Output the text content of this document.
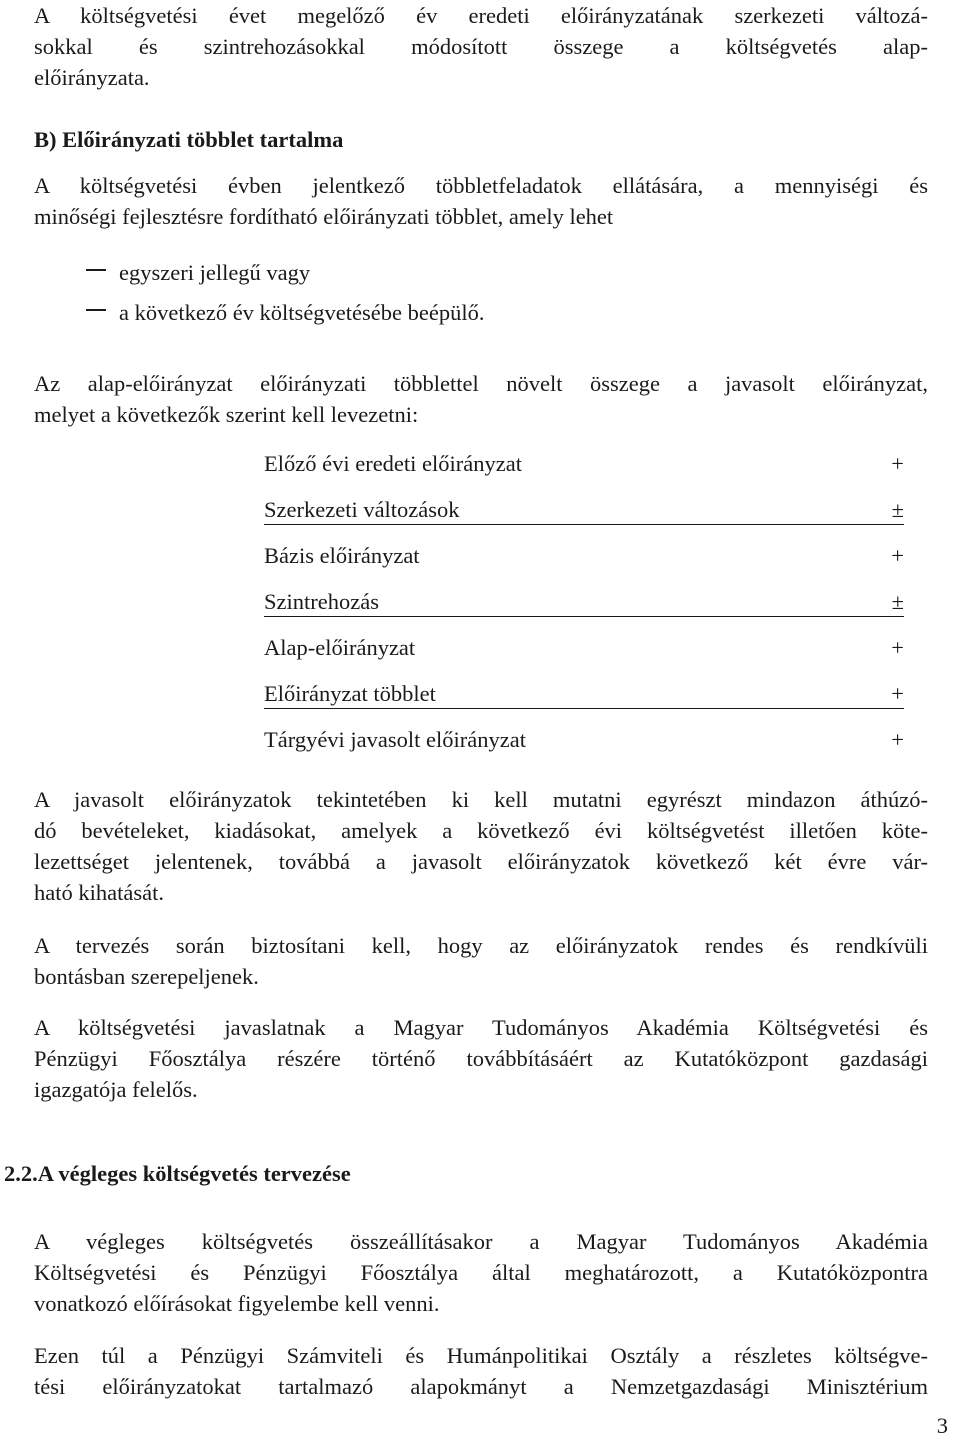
A költségvetési évet megelőző év eredeti előirányzatának szerkezeti változá-
sokkal és szintrehozásokkal módosított összege a költségvetés alap-
előirányzata.
B) Előirányzati többlet tartalma
A költségvetési évben jelentkező többletfeladatok ellátására, a mennyiségi és
minőségi fejlesztésre fordítható előirányzati többlet, amely lehet
egyszeri jellegű vagy
a következő év költségvetésébe beépülő.
Az alap-előirányzat előirányzati többlettel növelt összege a javasolt előirányzat,
melyet a következők szerint kell levezetni:
Előző évi eredeti előirányzat	+
Szerkezeti változások	±
Bázis előirányzat	+
Szintrehozás	±
Alap-előirányzat	+
Előirányzat többlet	+
Tárgyévi javasolt előirányzat	+
A javasolt előirányzatok tekintetében ki kell mutatni egyrészt mindazon áthúzó-
dó bevételeket, kiadásokat, amelyek a következő évi költségvetést illetően köte-
lezettséget jelentenek, továbbá a javasolt előirányzatok következő két évre vár-
ható kihatását.
A tervezés során biztosítani kell, hogy az előirányzatok rendes és rendkívüli
bontásban szerepeljenek.
A költségvetési javaslatnak a Magyar Tudományos Akadémia Költségvetési és
Pénzügyi Főosztálya részére történő továbbításáért az Kutatóközpont gazdasági
igazgatója felelős.
2.2.A végleges költségvetés tervezése
A végleges költségvetés összeállításakor a Magyar Tudományos Akadémia
Költségvetési és Pénzügyi Főosztálya által meghatározott, a Kutatóközpontra
vonatkozó előírásokat figyelembe kell venni.
Ezen túl a Pénzügyi Számviteli és Humánpolitikai Osztály a részletes költségve-
tési előirányzatokat tartalmazó alapokmányt a Nemzetgazdasági Minisztérium
3
